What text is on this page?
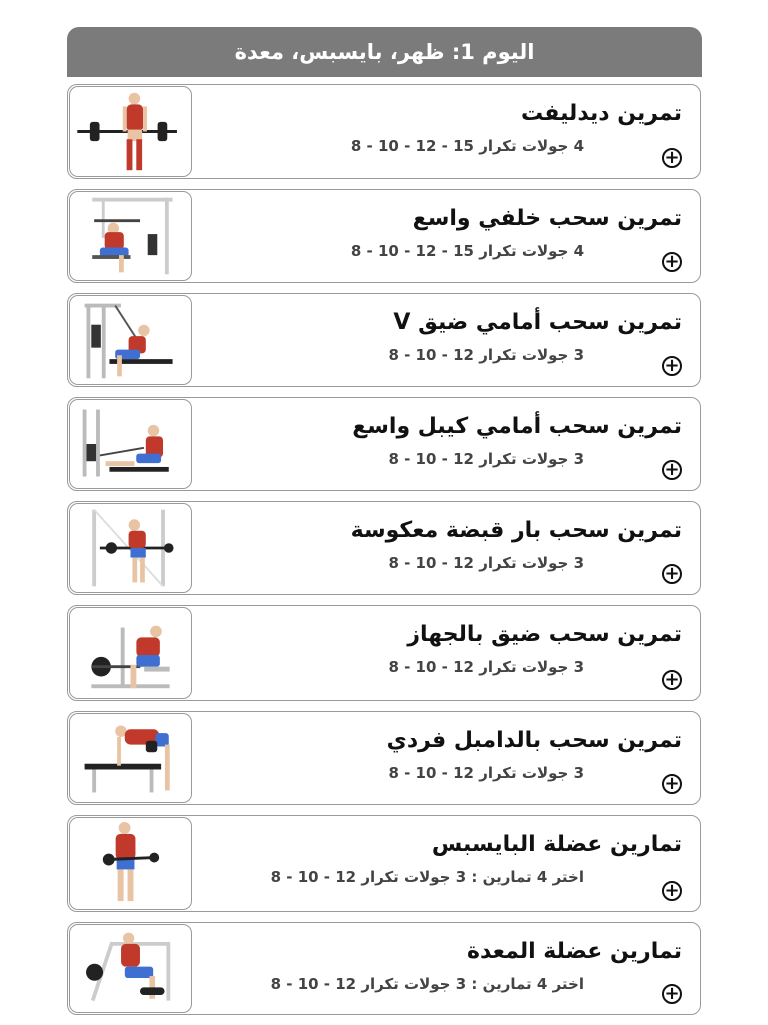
اليوم 1: ظهر، بايسبس، معدة
تمرين ديدليفت
4 جولات تكرار 15 - 12 - 10 - 8
+
تمرين سحب خلفي واسع
4 جولات تكرار 15 - 12 - 10 - 8	+
تمرين سحب أمامي ضيق V
3 جولات تكرار 12 - 10 - 8	+
تمرين سحب أمامي كيبل واسع
3 جولات تكرار 12 - 10 - 8	+
تمرين سحب بار قبضة معكوسة
3 جولات تكرار 12 - 10 - 8	+
تمرين سحب ضيق بالجهاز
3 جولات تكرار 12 - 10 - 8
+
تمرين سحب بالدامبل فردي
3 جولات تكرار 12 - 10 - 8	+
تمارين عضلة البايسبس
اختر 4 تمارين : 3 جولات تكرار 12 - 10 - 8
+
تمارين عضلة المعدة
اختر 4 تمارين : 3 جولات تكرار 12 - 10 - 8	+
